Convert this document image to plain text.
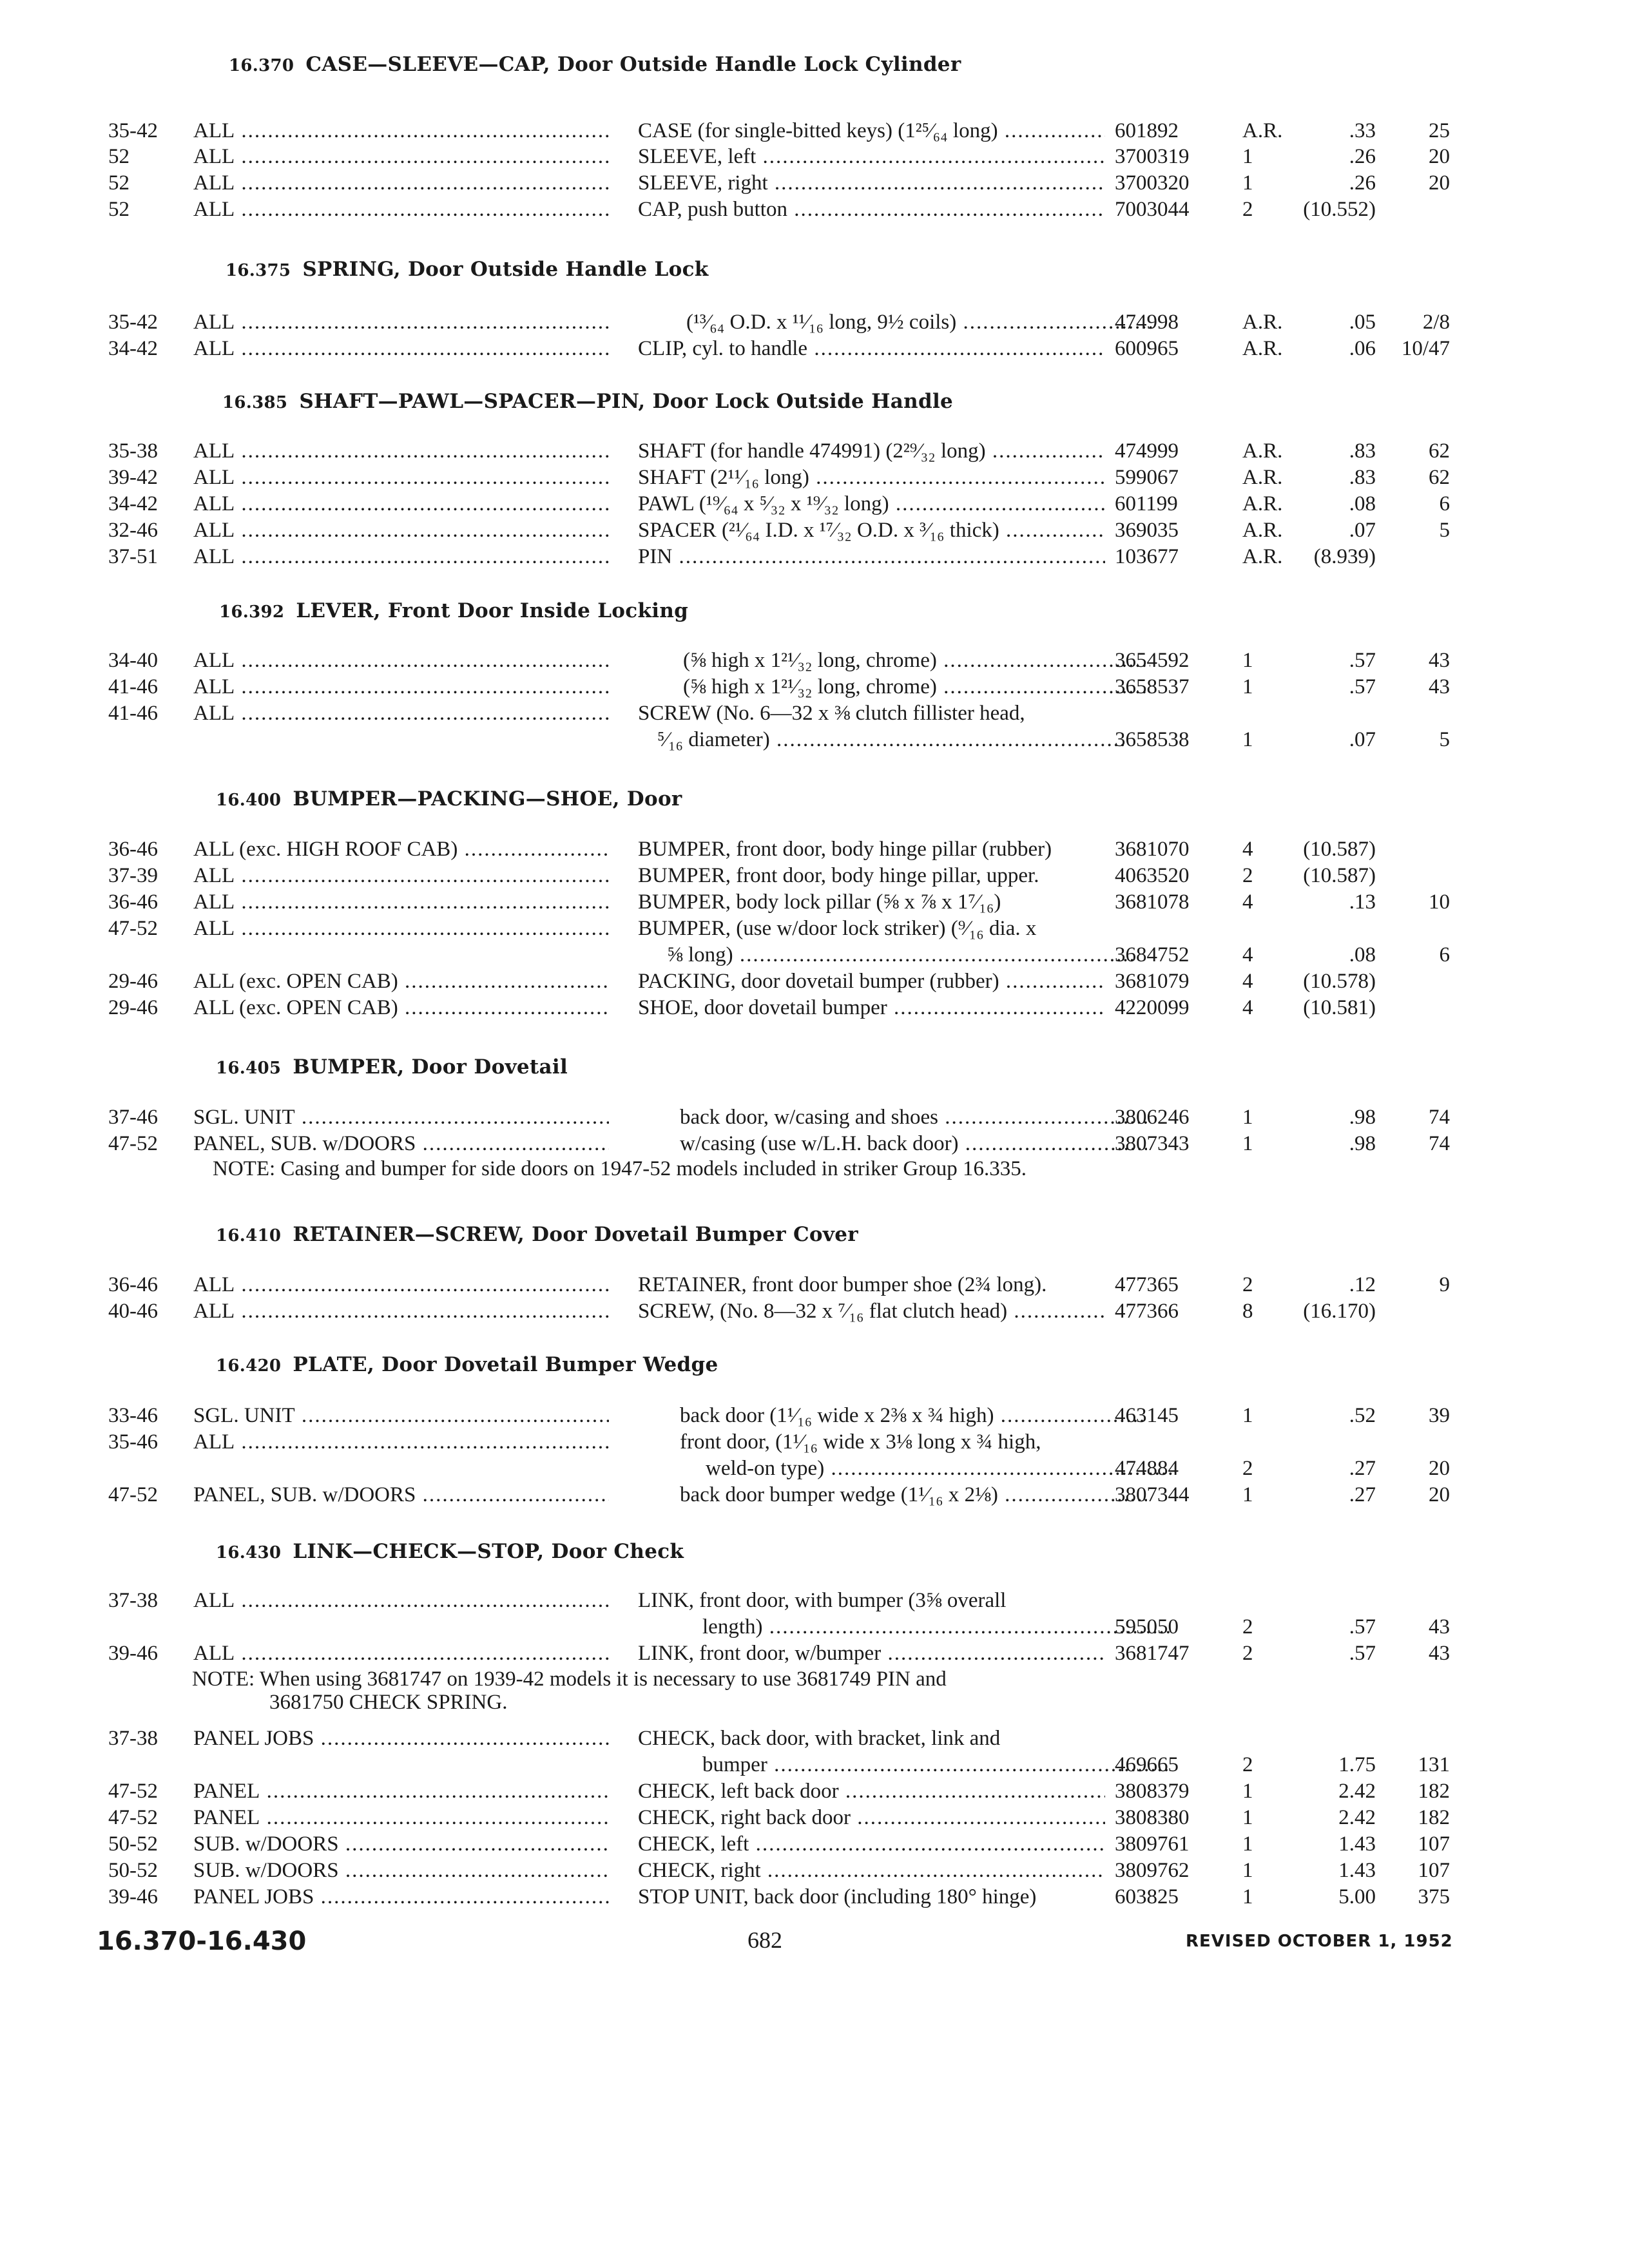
16.370 CASE—SLEEVE—CAP, Door Outside Handle Lock Cylinder
16.375 SPRING, Door Outside Handle Lock
16.385 SHAFT—PAWL—SPACER—PIN, Door Lock Outside Handle
16.392 LEVER, Front Door Inside Locking
16.400 BUMPER—PACKING—SHOE, Door
16.405 BUMPER, Door Dovetail
16.410 RETAINER—SCREW, Door Dovetail Bumper Cover
16.420 PLATE, Door Dovetail Bumper Wedge
16.430 LINK—CHECK—STOP, Door Check
35-42 ALL .....	CASE (for single-bitted keys) (1²⁵⁄₆₄ long) .....	601892	A.R.	.33	25
52	ALL .....	SLEEVE, left .....	3700319	1	.26	20
52	ALL .....	SLEEVE, right .....	3700320	1	.26	20
52	ALL .....	CAP, push button .....	7003044	2	(10.552)
35-42 ALL .....	(¹³⁄₆₄ O.D. x ¹¹⁄₁₆ long, 9½ coils) .....	474998	A.R.	.05	2/8
34-42 ALL .....	CLIP, cyl. to handle .....	600965	A.R.	.06 10/47
35-38 ALL .....	SHAFT (for handle 474991) (2²⁹⁄₃₂ long) .....	474999	A.R.	.83	62
39-42 ALL .....	SHAFT (2¹¹⁄₁₆ long) .....	599067	A.R.	.83	62
34-42 ALL .....	PAWL (¹⁹⁄₆₄ x ⁵⁄₃₂ x ¹⁹⁄₃₂ long) .....	601199	A.R.	.08	6
32-46 ALL .....	SPACER (²¹⁄₆₄ I.D. x ¹⁷⁄₃₂ O.D. x ³⁄₁₆ thick) .....	369035	A.R.	.07	5
37-51 ALL .....	PIN .....	103677	A.R.	(8.939)
34-40 ALL .....	(⅝ high x 1²¹⁄₃₂ long, chrome) .....	3654592	1	.57	43
41-46 ALL .....	(⅝ high x 1²¹⁄₃₂ long, chrome) .....	3658537	1	.57	43
41-46 ALL .....	SCREW (No. 6—32 x ⅜ clutch fillister head,
⁵⁄₁₆ diameter) .....	3658538	1	.07	5
36-46 ALL (exc. HIGH ROOF CAB) .....	BUMPER, front door, body hinge pillar (rubber)	3681070	4	(10.587)
37-39 ALL .....	BUMPER, front door, body hinge pillar, upper.	4063520	2	(10.587)
36-46 ALL .....	BUMPER, body lock pillar (⅝ x ⅞ x 1⁷⁄₁₆)	3681078	4	.13	10
47-52 ALL .....	BUMPER, (use w/door lock striker) (⁹⁄₁₆ dia. x
⅝ long) .....	3684752	4	.08	6
29-46 ALL (exc. OPEN CAB) .....	PACKING, door dovetail bumper (rubber) .....	3681079	4	(10.578)
29-46 ALL (exc. OPEN CAB) .....	SHOE, door dovetail bumper .....	4220099	4	(10.581)
37-46 SGL. UNIT .....	back door, w/casing and shoes .....	3806246	1	.98	74
47-52 PANEL, SUB. w/DOORS .....	w/casing (use w/L.H. back door) .....	3807343	1	.98	74
NOTE: Casing and bumper for side doors on 1947-52 models included in striker Group 16.335.
36-46 ALL .....	RETAINER, front door bumper shoe (2¾ long).	477365	2	.12	9
40-46 ALL .....	SCREW, (No. 8—32 x ⁷⁄₁₆ flat clutch head) .....	477366	8	(16.170)
33-46 SGL. UNIT .....	back door (1¹⁄₁₆ wide x 2⅜ x ¾ high) .....	463145	1	.52	39
35-46 ALL .....	front door, (1¹⁄₁₆ wide x 3⅛ long x ¾ high,
weld-on type) .....	474884	2	.27	20
47-52 PANEL, SUB. w/DOORS .....	back door bumper wedge (1¹⁄₁₆ x 2⅛) .....	3807344	1	.27	20
37-38 ALL .....	LINK, front door, with bumper (3⅝ overall
length) .....	595050	2	.57	43
39-46 ALL .....	LINK, front door, w/bumper .....	3681747	2	.57	43
NOTE: When using 3681747 on 1939-42 models it is necessary to use 3681749 PIN and
3681750 CHECK SPRING.
37-38 PANEL JOBS .....	CHECK, back door, with bracket, link and
bumper .....	469665	2	1.75	131
47-52 PANEL .....	CHECK, left back door .....	3808379	1	2.42	182
47-52 PANEL .....	CHECK, right back door .....	3808380	1	2.42	182
50-52 SUB. w/DOORS .....	CHECK, left .....	3809761	1	1.43	107
50-52 SUB. w/DOORS .....	CHECK, right .....	3809762	1	1.43	107
39-46 PANEL JOBS .....	STOP UNIT, back door (including 180° hinge)	603825	1	5.00	375
16.370-16.430	682	REVISED OCTOBER 1, 1952
